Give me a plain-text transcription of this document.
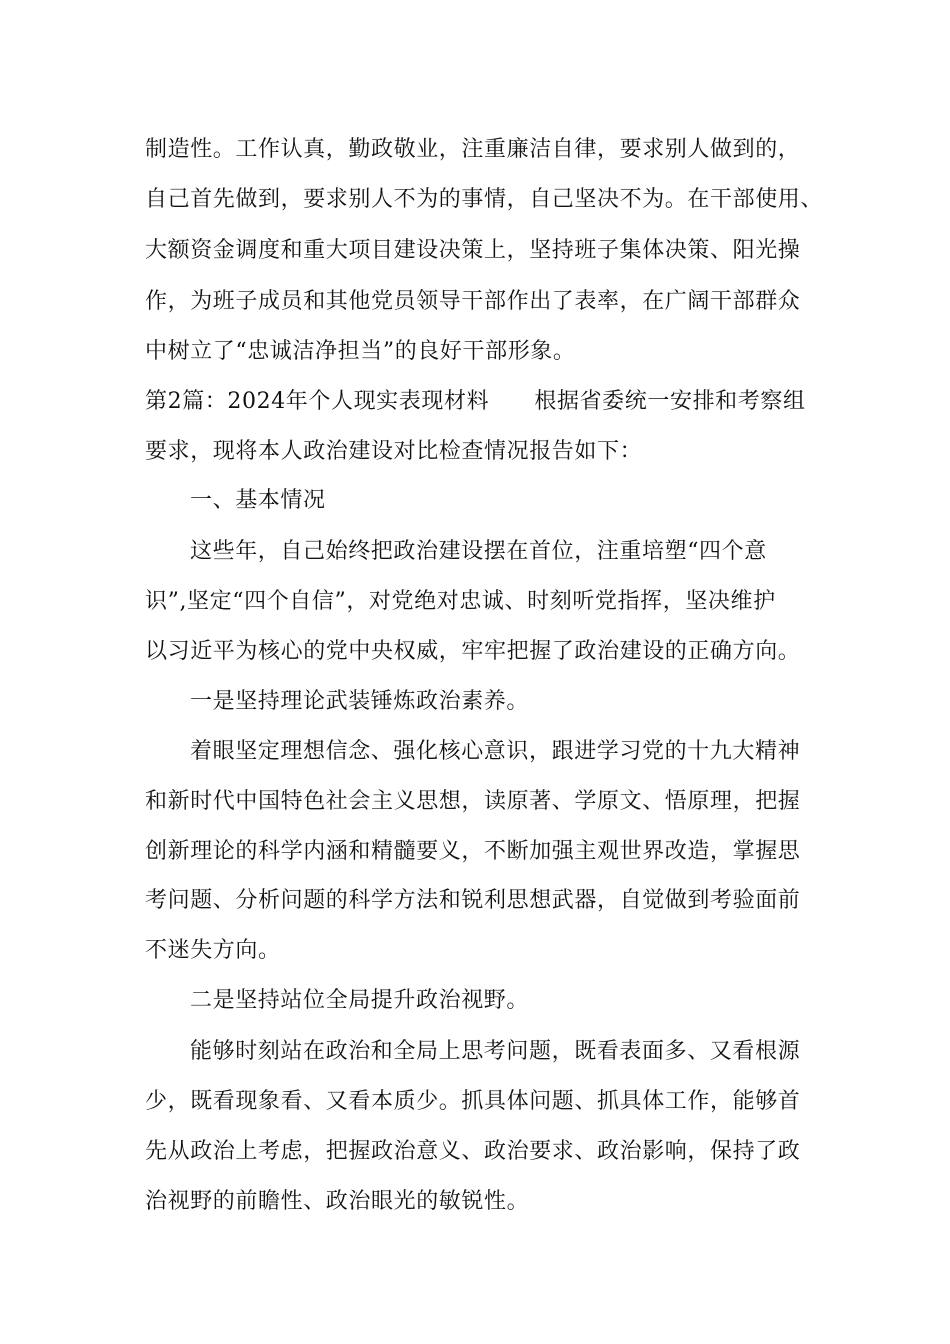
制造性。工作认真，勤政敬业，注重廉洁自律，要求别人做到的，
自己首先做到，要求别人不为的事情，自己坚决不为。在干部使用、
大额资金调度和重大项目建设决策上，坚持班子集体决策、阳光操
作，为班子成员和其他党员领导干部作出了表率，在广阔干部群众
中树立了“忠诚洁净担当”的良好干部形象。
第2篇：2024年个人现实表现材料　　根据省委统一安排和考察组
要求，现将本人政治建设对比检查情况报告如下：
一、基本情况
这些年，自己始终把政治建设摆在首位，注重培塑“四个意
识”,坚定“四个自信”，对党绝对忠诚、时刻听党指挥，坚决维护
以习近平为核心的党中央权威，牢牢把握了政治建设的正确方向。
一是坚持理论武装锤炼政治素养。
着眼坚定理想信念、强化核心意识，跟进学习党的十九大精神
和新时代中国特色社会主义思想，读原著、学原文、悟原理，把握
创新理论的科学内涵和精髓要义，不断加强主观世界改造，掌握思
考问题、分析问题的科学方法和锐利思想武器，自觉做到考验面前
不迷失方向。
二是坚持站位全局提升政治视野。
能够时刻站在政治和全局上思考问题，既看表面多、又看根源
少，既看现象看、又看本质少。抓具体问题、抓具体工作，能够首
先从政治上考虑，把握政治意义、政治要求、政治影响，保持了政
治视野的前瞻性、政治眼光的敏锐性。
